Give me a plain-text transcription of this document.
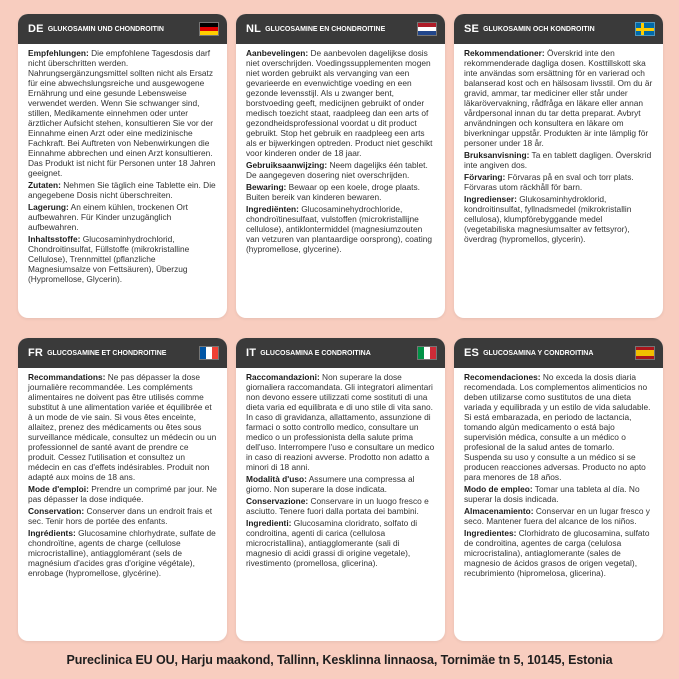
DE GLUKOSAMIN UND CHONDROITIN

Empfehlungen: Die empfohlene Tagesdosis darf nicht überschritten werden. Nahrungsergänzungsmittel sollten nicht als Ersatz für eine abwechslungsreiche und ausgewogene Ernährung und eine gesunde Lebensweise verwendet werden. Wenn Sie schwanger sind, stillen, Medikamente einnehmen oder unter ärztlicher Aufsicht stehen, konsultieren Sie vor der Einnahme einen Arzt oder eine medizinische Fachkraft. Bei Auftreten von Nebenwirkungen die Einnahme abbrechen und einen Arzt konsultieren. Das Produkt ist nicht für Personen unter 18 Jahren geeignet.

Zutaten: Nehmen Sie täglich eine Tablette ein. Die angegebene Dosis nicht überschreiten.

Lagerung: An einem kühlen, trockenen Ort aufbewahren. Für Kinder unzugänglich aufbewahren.

Inhaltsstoffe: Glucosaminhydrochlorid, Chondroitinsulfat, Füllstoffe (mikrokristalline Cellulose), Trennmittel (pflanzliche Magnesiumsalze von Fettsäuren), Überzug (Hypromellose, Glycerin).

NL GLUCOSAMINE EN CHONDROÏTINE

Aanbevelingen: De aanbevolen dagelijkse dosis niet overschrijden. Voedingssupplementen mogen niet worden gebruikt als vervanging van een gevarieerde en evenwichtige voeding en een gezonde levensstijl. Als u zwanger bent, borstvoeding geeft, medicijnen gebruikt of onder medisch toezicht staat, raadpleeg dan een arts of gezondheidsprofessional voordat u dit product gebruikt. Stop het gebruik en raadpleeg een arts als er bijwerkingen optreden. Product niet geschikt voor kinderen onder de 18 jaar.

Gebruiksaanwijzing: Neem dagelijks één tablet. De aangegeven dosering niet overschrijden.

Bewaring: Bewaar op een koele, droge plaats. Buiten bereik van kinderen bewaren.

Ingrediënten: Glucosaminehydrochloride, chondroïtinesulfaat, vulstoffen (microkristallijne cellulose), antiklontermiddel (magnesiumzouten van vetzuren van plantaardige oorsprong), coating (hypromellose, glycerine).

SE GLUKOSAMIN OCH KONDROITIN

Rekommendationer: Överskrid inte den rekommenderade dagliga dosen. Kosttillskott ska inte användas som ersättning för en varierad och balanserad kost och en hälsosam livsstil. Om du är gravid, ammar, tar mediciner eller står under läkarövervakning, rådfråga en läkare eller annan vårdpersonal innan du tar detta preparat. Avbryt användningen och konsultera en läkare om biverkningar uppstår. Produkten är inte lämplig för personer under 18 år.

Bruksanvisning: Ta en tablett dagligen. Överskrid inte angiven dos.

Förvaring: Förvaras på en sval och torr plats. Förvaras utom räckhåll för barn.

Ingredienser: Glukosaminhydroklorid, kondroitinsulfat, fyllnadsmedel (mikrokristallin cellulosa), klumpförebyggande medel (vegetabiliska magnesiumsalter av fettsyror), överdrag (hypromellos, glycerin).

FR GLUCOSAMINE ET CHONDROÏTINE

Recommandations: Ne pas dépasser la dose journalière recommandée. Les compléments alimentaires ne doivent pas être utilisés comme substitut à une alimentation variée et équilibrée et à un mode de vie sain. Si vous êtes enceinte, allaitez, prenez des médicaments ou êtes sous surveillance médicale, consultez un médecin ou un professionnel de santé avant de prendre ce produit. Cessez l'utilisation et consultez un médecin en cas d'effets indésirables. Produit non adapté aux moins de 18 ans.

Mode d'emploi: Prendre un comprimé par jour. Ne pas dépasser la dose indiquée.

Conservation: Conserver dans un endroit frais et sec. Tenir hors de portée des enfants.

Ingrédients: Glucosamine chlorhydrate, sulfate de chondroïtine, agents de charge (cellulose microcristalline), antiagglomérant (sels de magnésium d'acides gras d'origine végétale), enrobage (hypromellose, glycérine).

IT GLUCOSAMINA E CONDROITINA

Raccomandazioni: Non superare la dose giornaliera raccomandata. Gli integratori alimentari non devono essere utilizzati come sostituti di una dieta varia ed equilibrata e di uno stile di vita sano. In caso di gravidanza, allattamento, assunzione di farmaci o sotto controllo medico, consultare un medico o un professionista della salute prima dell'uso. Interrompere l'uso e consultare un medico in caso di reazioni avverse. Prodotto non adatto a minori di 18 anni.

Modalità d'uso: Assumere una compressa al giorno. Non superare la dose indicata.

Conservazione: Conservare in un luogo fresco e asciutto. Tenere fuori dalla portata dei bambini.

Ingredienti: Glucosamina cloridrato, solfato di condroitina, agenti di carica (cellulosa microcristallina), antiagglomerante (sali di magnesio di acidi grassi di origine vegetale), rivestimento (promellosa, glicerina).

ES GLUCOSAMINA Y CONDROITINA

Recomendaciones: No exceda la dosis diaria recomendada. Los complementos alimenticios no deben utilizarse como sustitutos de una dieta variada y equilibrada y un estilo de vida saludable. Si está embarazada, en periodo de lactancia, tomando algún medicamento o está bajo supervisión médica, consulte a un médico o profesional de la salud antes de tomarlo. Suspenda su uso y consulte a un médico si se producen reacciones adversas. Producto no apto para menores de 18 años.

Modo de empleo: Tomar una tableta al día. No superar la dosis indicada.

Almacenamiento: Conservar en un lugar fresco y seco. Mantener fuera del alcance de los niños.

Ingredientes: Clorhidrato de glucosamina, sulfato de condroitina, agentes de carga (celulosa microcristalina), antiaglomerante (sales de magnesio de ácidos grasos de origen vegetal), recubrimiento (hipromelosa, glicerina).

Pureclinica EU OU, Harju maakond, Tallinn, Kesklinna linnaosa, Tornimäe tn 5, 10145, Estonia
